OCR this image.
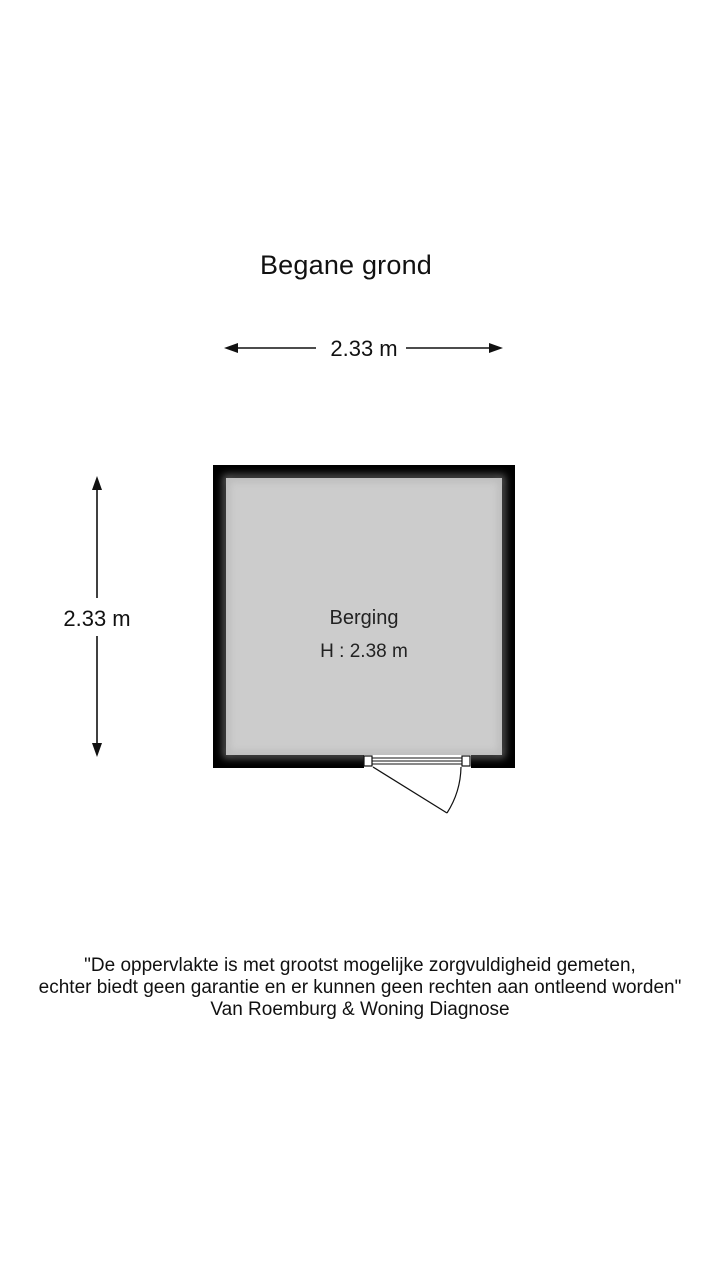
Begane grond
2.33 m
2.33 m	Berging
H : 2.38 m
"De oppervlakte is met grootst mogelijke zorgvuldigheid gemeten,
echter biedt geen garantie en er kunnen geen rechten aan ontleend worden"
Van Roemburg & Woning Diagnose
